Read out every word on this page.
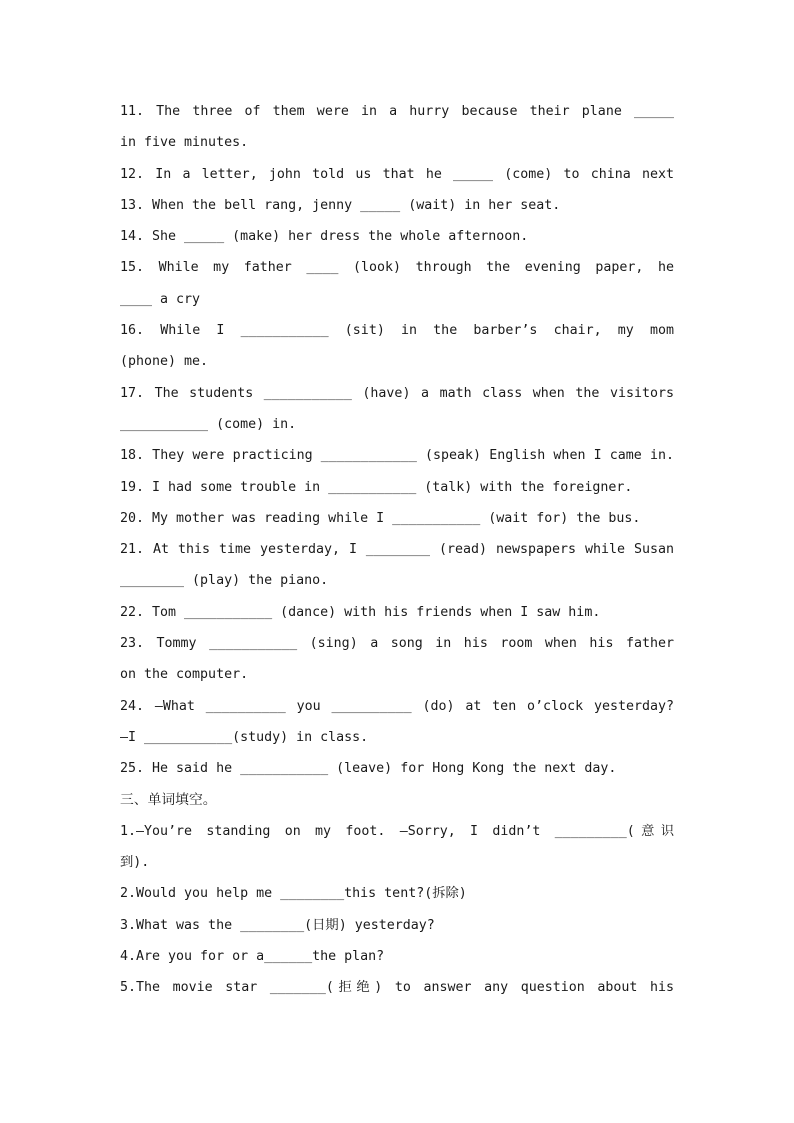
11. The three of them were in a hurry because their plane _____
in five minutes.
12. In a letter, john told us that he _____ (come) to china next
13. When the bell rang, jenny _____ (wait) in her seat.
14. She _____ (make) her dress the whole afternoon.
15. While my father ____ (look) through the evening paper, he
____ a cry
16. While I ___________ (sit) in the barber’s chair, my mom
(phone) me.
17. The students ___________ (have) a math class when the visitors
___________ (come) in.
18. They were practicing ____________ (speak) English when I came in.
19. I had some trouble in ___________ (talk) with the foreigner.
20. My mother was reading while I ___________ (wait for) the bus.
21. At this time yesterday, I ________ (read) newspapers while Susan
________ (play) the piano.
22. Tom ___________ (dance) with his friends when I saw him.
23. Tommy ___________ (sing) a song in his room when his father
on the computer.
24. —What __________ you __________ (do) at ten o’clock yesterday?
—I ___________(study) in class.
25. He said he ___________ (leave) for Hong Kong the next day.
三、单词填空。
1.—You’re standing on my foot. —Sorry, I didn’t _________(意识
到).
2.Would you help me ________this tent?(拆除)
3.What was the ________(日期) yesterday?
4.Are you for or a______the plan?
5.The movie star _______(拒绝) to answer any question about his
